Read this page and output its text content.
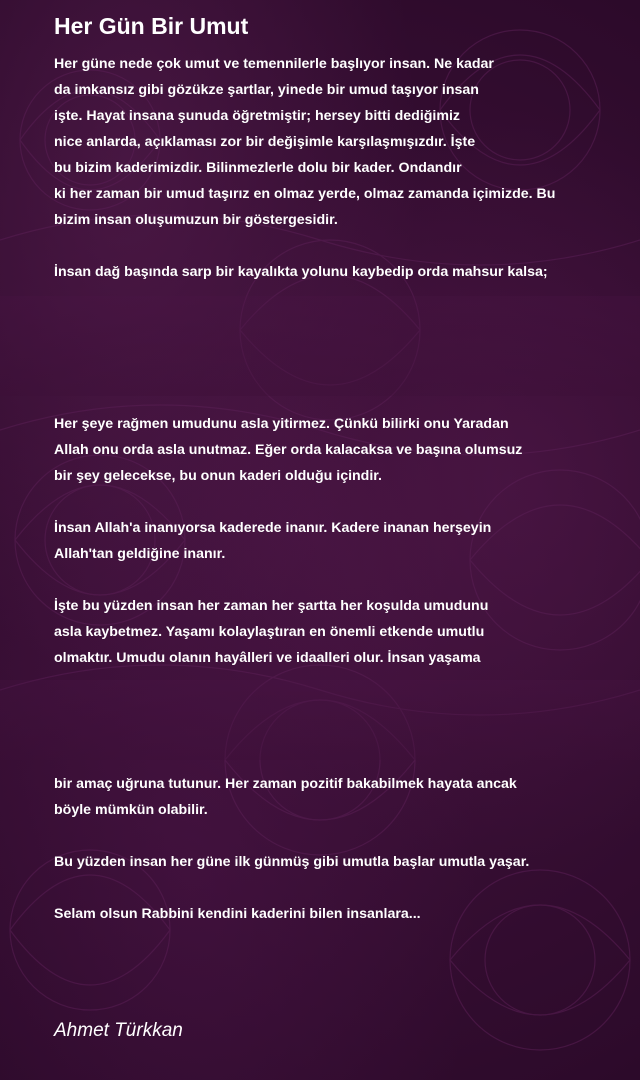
Her Gün Bir Umut
Her güne nede çok umut ve temennilerle başlıyor insan. Ne kadar
da imkansız gibi gözükze şartlar, yinede bir umud taşıyor insan
işte. Hayat insana şunuda öğretmiştir; hersey bitti dediğimiz
nice anlarda, açıklaması zor bir değişimle karşılaşmışızdır. İşte
bu bizim kaderimizdir. Bilinmezlerle dolu bir kader. Ondandır
ki her zaman bir umud taşırız en olmaz yerde, olmaz zamanda içimizde. Bu
bizim insan oluşumuzun bir göstergesidir.
İnsan dağ başında sarp bir kayalıkta yolunu kaybedip orda mahsur kalsa;
Her şeye rağmen umudunu asla yitirmez. Çünkü bilirki onu Yaradan
Allah onu orda asla unutmaz. Eğer orda kalacaksa ve başına olumsuz
bir şey gelecekse, bu onun kaderi olduğu içindir.
İnsan Allah'a inanıyorsa kaderede inanır. Kadere inanan herşeyin
Allah'tan geldiğine inanır.
İşte bu yüzden insan her zaman her şartta her koşulda umudunu
asla kaybetmez. Yaşamı kolaylaştıran en önemli etkende umutlu
olmaktır. Umudu olanın hayâlleri ve idaalleri olur. İnsan yaşama
bir amaç uğruna tutunur. Her zaman pozitif bakabilmek hayata ancak
böyle mümkün olabilir.
Bu yüzden insan her güne ilk günmüş gibi umutla başlar umutla yaşar.
Selam olsun Rabbini kendini kaderini bilen insanlara...
Ahmet Türkkan
